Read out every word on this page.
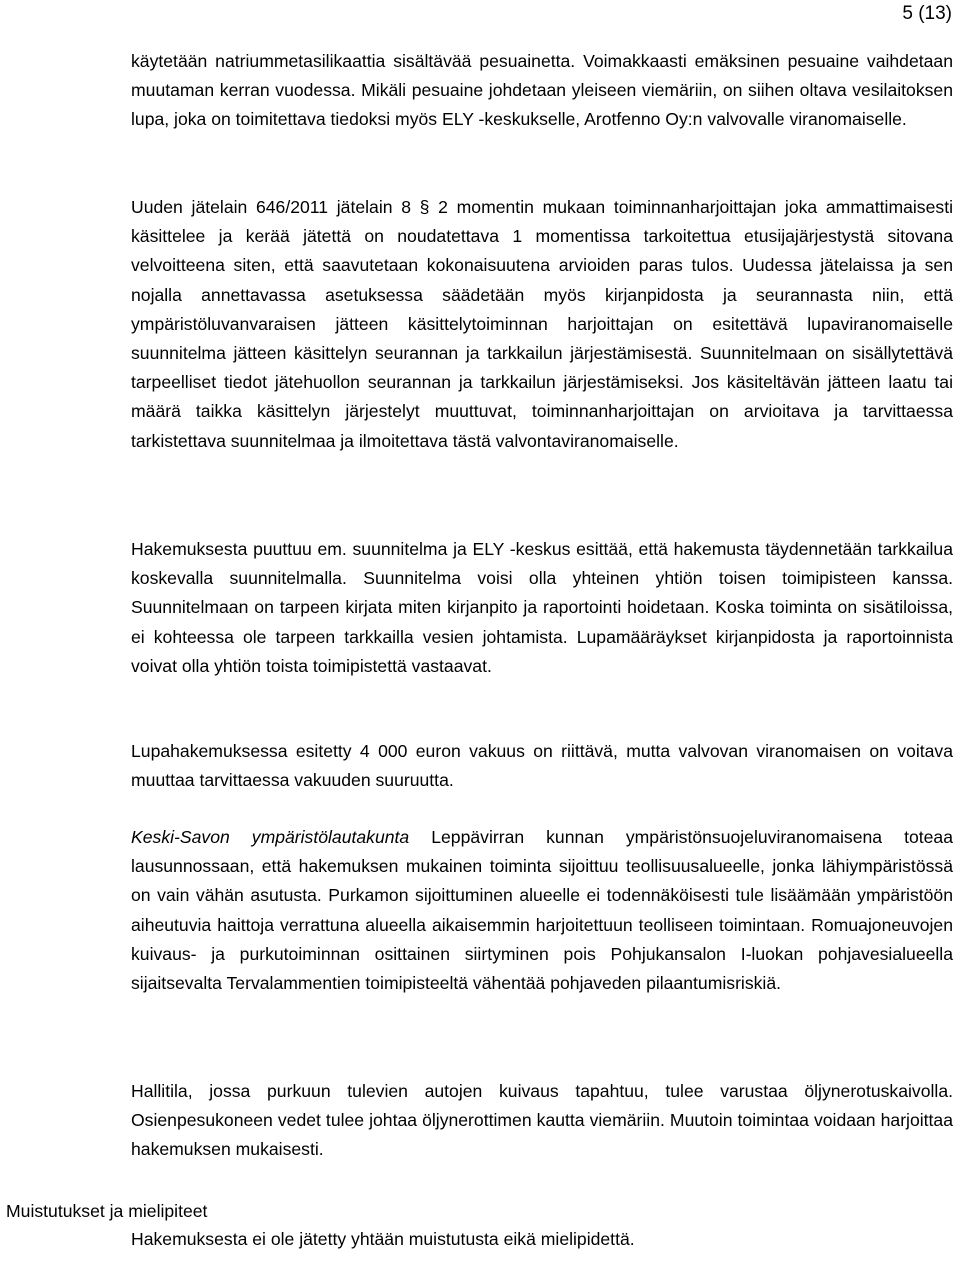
5 (13)

käytetään natriummetasilikaattia sisältävää pesuainetta. Voimakkaasti emäksinen pesuaine vaihdetaan muutaman kerran vuodessa. Mikäli pesuaine johdetaan yleiseen viemäriin, on siihen oltava vesilaitoksen lupa, joka on toimitettava tiedoksi myös ELY -keskukselle, Arotfenno Oy:n valvovalle viranomaiselle.

Uuden jätelain 646/2011 jätelain 8 § 2 momentin mukaan toiminnanharjoittajan joka ammattimaisesti käsittelee ja kerää jätettä on noudatettava 1 momentissa tarkoitettua etusijajärjestystä sitovana velvoitteena siten, että saavutetaan kokonaisuutena arvioiden paras tulos. Uudessa jätelaissa ja sen nojalla annettavassa asetuksessa säädetään myös kirjanpidosta ja seurannasta niin, että ympäristöluvanvaraisen jätteen käsittelytoiminnan harjoittajan on esitettävä lupaviranomaiselle suunnitelma jätteen käsittelyn seurannan ja tarkkailun järjestämisestä. Suunnitelmaan on sisällytettävä tarpeelliset tiedot jätehuollon seurannan ja tarkkailun järjestämiseksi. Jos käsiteltävän jätteen laatu tai määrä taikka käsittelyn järjestelyt muuttuvat, toiminnanharjoittajan on arvioitava ja tarvittaessa tarkistettava suunnitelmaa ja ilmoitettava tästä valvontaviranomaiselle.

Hakemuksesta puuttuu em. suunnitelma ja ELY -keskus esittää, että hakemusta täydennetään tarkkailua koskevalla suunnitelmalla. Suunnitelma voisi olla yhteinen yhtiön toisen toimipisteen kanssa. Suunnitelmaan on tarpeen kirjata miten kirjanpito ja raportointi hoidetaan. Koska toiminta on sisätiloissa, ei kohteessa ole tarpeen tarkkailla vesien johtamista. Lupamääräykset kirjanpidosta ja raportoinnista voivat olla yhtiön toista toimipistettä vastaavat.

Lupahakemuksessa esitetty 4 000 euron vakuus on riittävä, mutta valvovan viranomaisen on voitava muuttaa tarvittaessa vakuuden suuruutta.

Keski-Savon ympäristölautakunta Leppävirran kunnan ympäristönsuojeluviranomaisena toteaa lausunnossaan, että hakemuksen mukainen toiminta sijoittuu teollisuusalueelle, jonka lähiympäristössä on vain vähän asutusta. Purkamon sijoittuminen alueelle ei todennäköisesti tule lisäämään ympäristöön aiheutuvia haittoja verrattuna alueella aikaisemmin harjoitettuun teolliseen toimintaan. Romuajoneuvojen kuivaus- ja purkutoiminnan osittainen siirtyminen pois Pohjukansalon I-luokan pohjavesialueella sijaitsevalta Tervalammentien toimipisteeltä vähentää pohjaveden pilaantumisriskiä.

Hallitila, jossa purkuun tulevien autojen kuivaus tapahtuu, tulee varustaa öljynerotuskaivolla. Osienpesukoneen vedet tulee johtaa öljynerottimen kautta viemäriin. Muutoin toimintaa voidaan harjoittaa hakemuksen mukaisesti.

Hakemuksesta ei ole jätetty yhtään muistutusta eikä mielipidettä.

Muistutukset ja mielipiteet
